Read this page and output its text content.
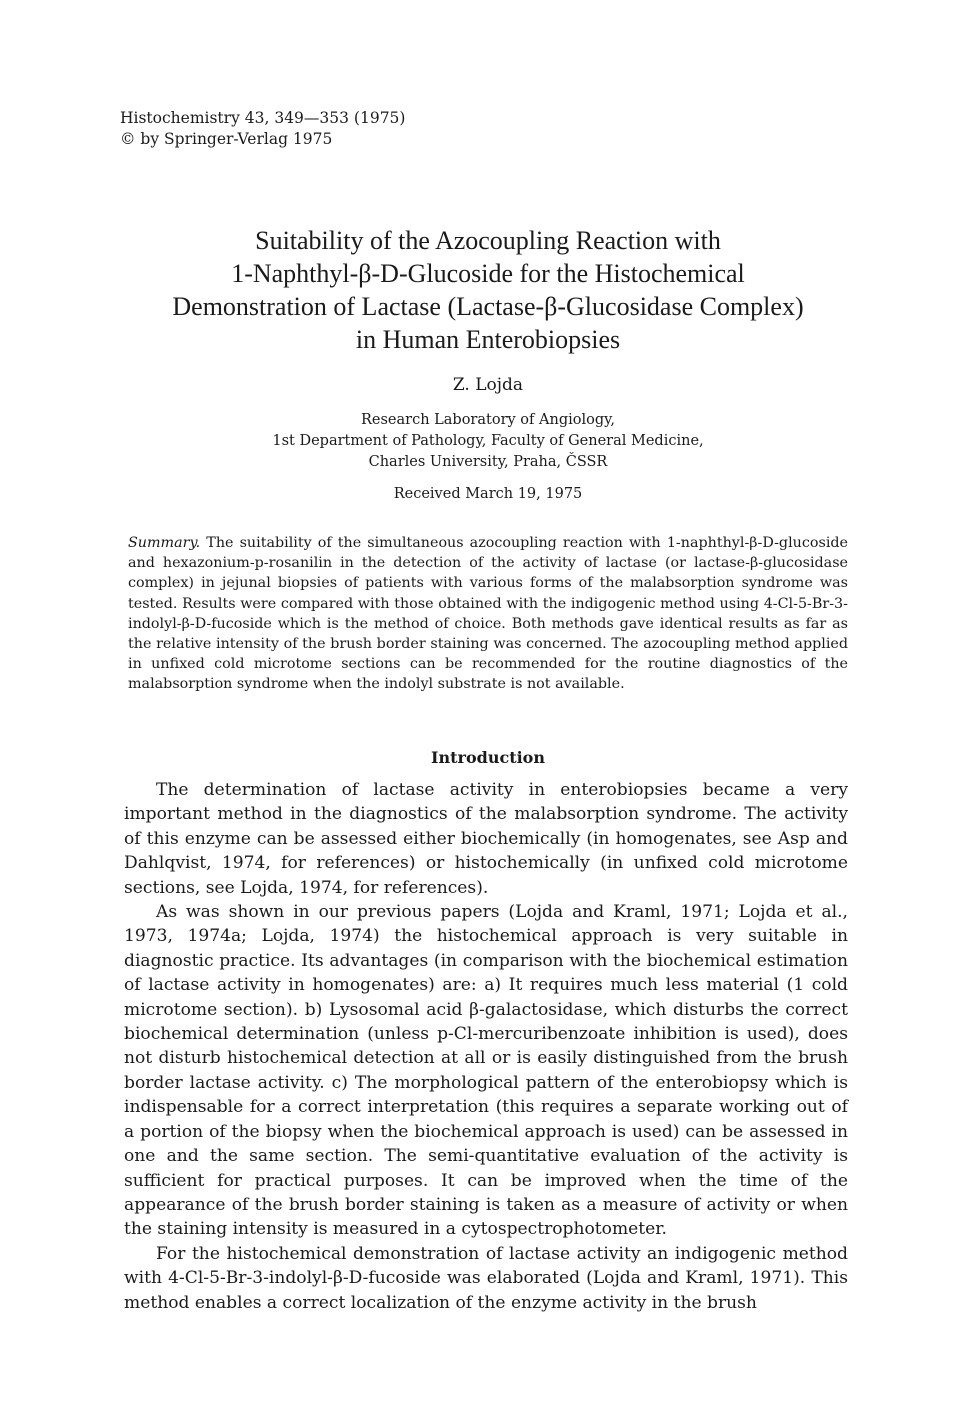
Histochemistry 43, 349—353 (1975)
© by Springer-Verlag 1975
Suitability of the Azocoupling Reaction with
1-Naphthyl-β-D-Glucoside for the Histochemical
Demonstration of Lactase (Lactase-β-Glucosidase Complex)
in Human Enterobiopsies
Z. Lojda
Research Laboratory of Angiology,
1st Department of Pathology, Faculty of General Medicine,
Charles University, Praha, ČSSR
Received March 19, 1975
Summary. The suitability of the simultaneous azocoupling reaction with 1-naphthyl-β-D-glucoside and hexazonium-p-rosanilin in the detection of the activity of lactase (or lactase-β-glucosidase complex) in jejunal biopsies of patients with various forms of the malabsorption syndrome was tested. Results were compared with those obtained with the indigogenic method using 4-Cl-5-Br-3-indolyl-β-D-fucoside which is the method of choice. Both methods gave identical results as far as the relative intensity of the brush border staining was concerned. The azocoupling method applied in unfixed cold microtome sections can be recommended for the routine diagnostics of the malabsorption syndrome when the indolyl substrate is not available.
Introduction

The determination of lactase activity in enterobiopsies became a very important method in the diagnostics of the malabsorption syndrome. The activity of this enzyme can be assessed either biochemically (in homogenates, see Asp and Dahlqvist, 1974, for references) or histochemically (in unfixed cold microtome sections, see Lojda, 1974, for references).

As was shown in our previous papers (Lojda and Kraml, 1971; Lojda et al., 1973, 1974a; Lojda, 1974) the histochemical approach is very suitable in diagnostic practice. Its advantages (in comparison with the biochemical estimation of lactase activity in homogenates) are: a) It requires much less material (1 cold microtome section). b) Lysosomal acid β-galactosidase, which disturbs the correct biochemical determination (unless p-Cl-mercuribenzoate inhibition is used), does not disturb histochemical detection at all or is easily distinguished from the brush border lactase activity. c) The morphological pattern of the enterobiopsy which is indispensable for a correct interpretation (this requires a separate working out of a portion of the biopsy when the biochemical approach is used) can be assessed in one and the same section. The semi-quantitative evaluation of the activity is sufficient for practical purposes. It can be improved when the time of the appearance of the brush border staining is taken as a measure of activity or when the staining intensity is measured in a cytospectrophotometer.

For the histochemical demonstration of lactase activity an indigogenic method with 4-Cl-5-Br-3-indolyl-β-D-fucoside was elaborated (Lojda and Kraml, 1971). This method enables a correct localization of the enzyme activity in the brush
